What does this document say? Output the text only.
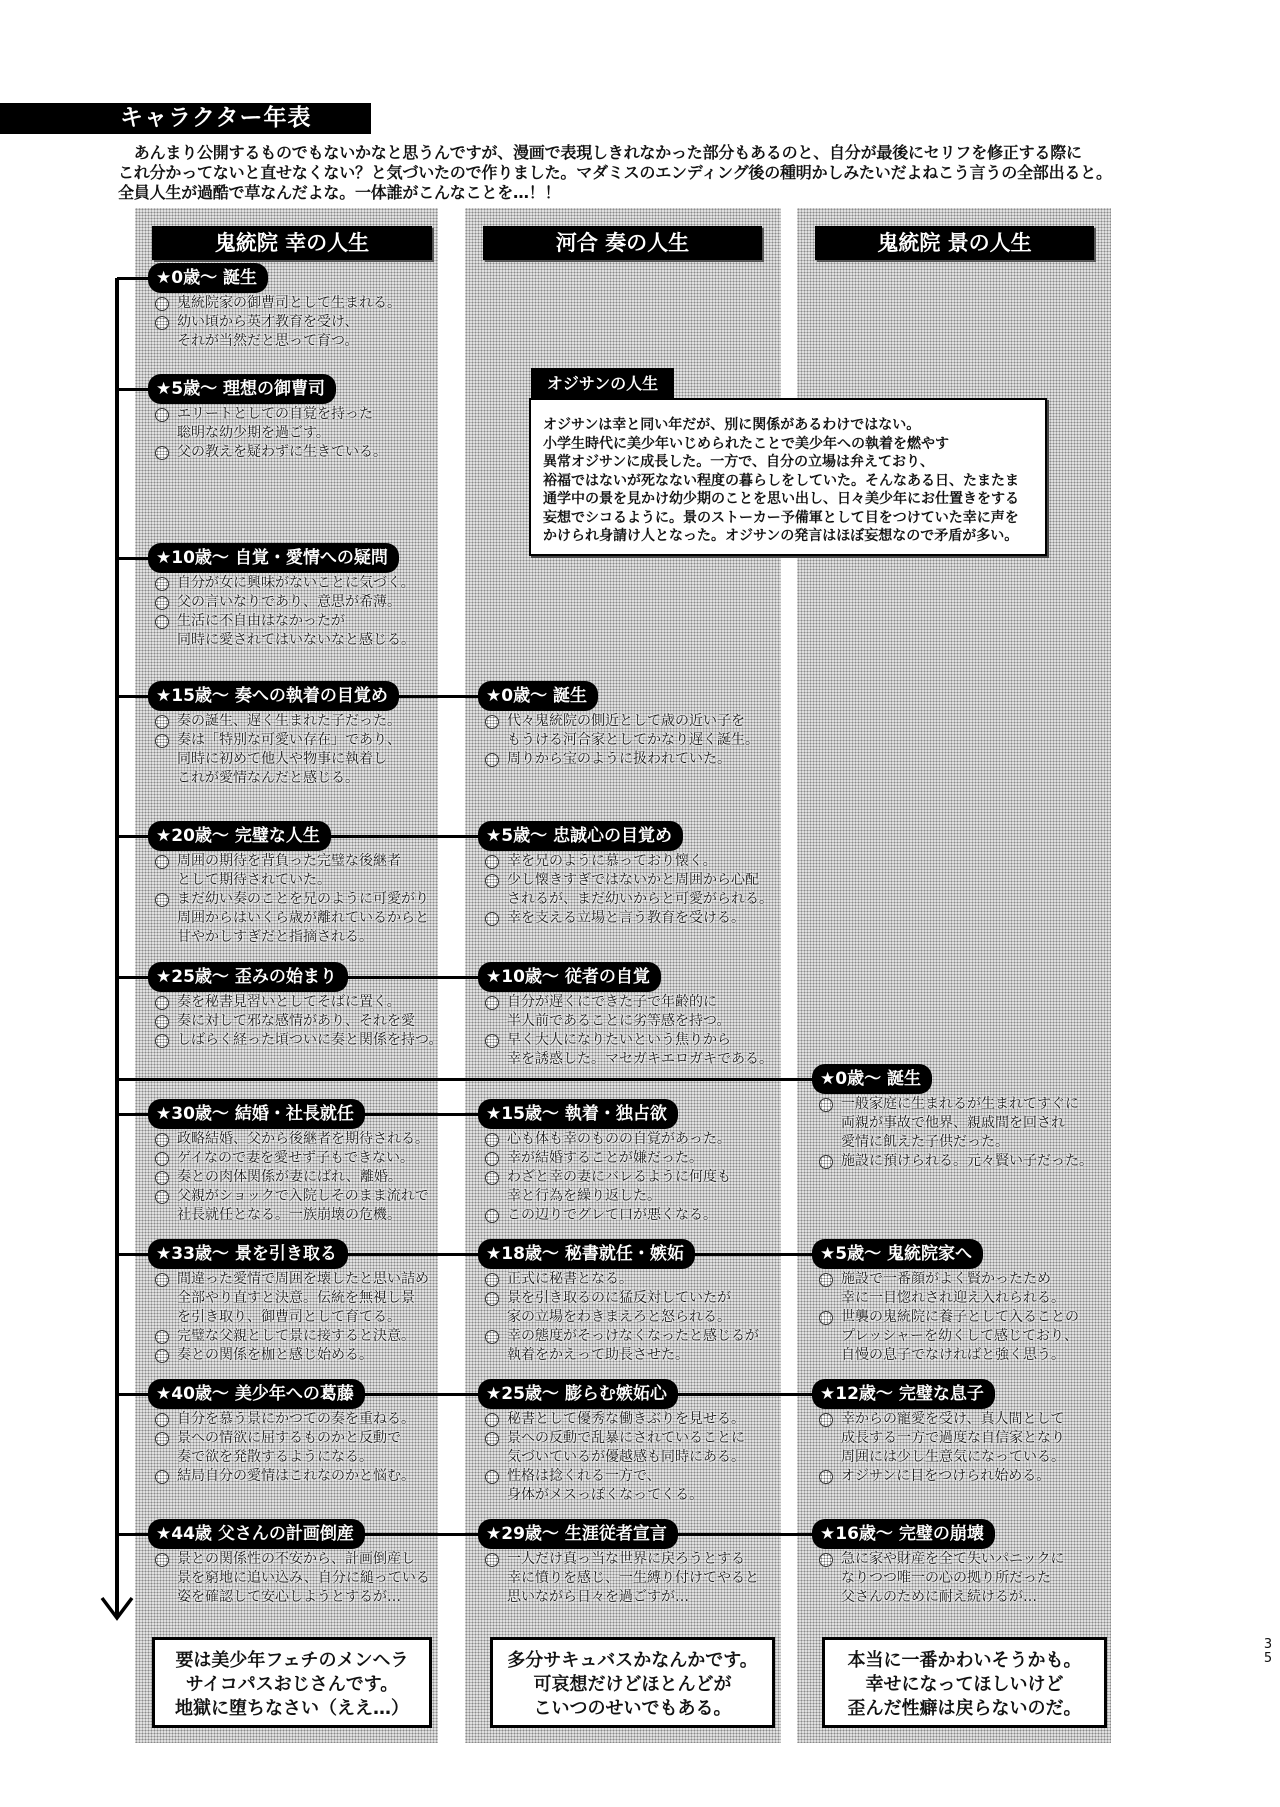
キャラクター年表
　あんまり公開するものでもないかなと思うんですが、漫画で表現しきれなかった部分もあるのと、自分が最後にセリフを修正する際に
これ分かってないと直せなくない？と気づいたので作りました。マダミスのエンディング後の種明かしみたいだよねこう言うの全部出ると。
全員人生が過酷で草なんだよな。一体誰がこんなことを…！！
鬼統院 幸の人生	河合 奏の人生	鬼統院 景の人生
★0歳〜 誕生
鬼統院家の御曹司として生まれる。
幼い頃から英才教育を受け、
それが当然だと思って育つ。
★5歳〜 理想の御曹司
エリートとしての自覚を持った
聡明な幼少期を過ごす。
父の教えを疑わずに生きている。
★10歳〜 自覚・愛情への疑問
自分が女に興味がないことに気づく。
父の言いなりであり、意思が希薄。
生活に不自由はなかったが
同時に愛されてはいないなと感じる。
★15歳〜 奏への執着の目覚め
奏の誕生、遅く生まれた子だった。
奏は「特別な可愛い存在」であり、
同時に初めて他人や物事に執着し
これが愛情なんだと感じる。
★20歳〜 完璧な人生
周囲の期待を背負った完璧な後継者
として期待されていた。
まだ幼い奏のことを兄のように可愛がり
周囲からはいくら歳が離れているからと
甘やかしすぎだと指摘される。
★25歳〜 歪みの始まり
奏を秘書見習いとしてそばに置く。
奏に対して邪な感情があり、それを愛
しばらく経った頃ついに奏と関係を持つ。
★30歳〜 結婚・社長就任
政略結婚、父から後継者を期待される。
ゲイなので妻を愛せず子もできない。
奏との肉体関係が妻にばれ、離婚。
父親がショックで入院しそのまま流れで
社長就任となる。一族崩壊の危機。
★33歳〜 景を引き取る
間違った愛情で周囲を壊したと思い詰め
全部やり直すと決意。伝統を無視し景
を引き取り、御曹司として育てる。
完璧な父親として景に接すると決意。
奏との関係を枷と感じ始める。
★40歳〜 美少年への葛藤
自分を慕う景にかつての奏を重ねる。
景への情欲に屈するものかと反動で
奏で欲を発散するようになる。
結局自分の愛情はこれなのかと悩む。
★44歳 父さんの計画倒産
景との関係性の不安から、計画倒産し
景を窮地に追い込み、自分に縋っている
姿を確認して安心しようとするが…
★0歳〜 誕生
代々鬼統院の側近として歳の近い子を
もうける河合家としてかなり遅く誕生。
周りから宝のように扱われていた。
★5歳〜 忠誠心の目覚め
幸を兄のように慕っており懐く。
少し懐きすぎではないかと周囲から心配
されるが、まだ幼いからと可愛がられる。
幸を支える立場と言う教育を受ける。
★10歳〜 従者の自覚
自分が遅くにできた子で年齢的に
半人前であることに劣等感を持つ。
早く大人になりたいという焦りから
幸を誘惑した。マセガキエロガキである。
★15歳〜 執着・独占欲
心も体も幸のものの自覚があった。
幸が結婚することが嫌だった。
わざと幸の妻にバレるように何度も
幸と行為を繰り返した。
この辺りでグレて口が悪くなる。
★18歳〜 秘書就任・嫉妬
正式に秘書となる。
景を引き取るのに猛反対していたが
家の立場をわきまえろと怒られる。
幸の態度がそっけなくなったと感じるが
執着をかえって助長させた。
★25歳〜 膨らむ嫉妬心
秘書として優秀な働きぶりを見せる。
景への反動で乱暴にされていることに
気づいているが優越感も同時にある。
性格は捻くれる一方で、
身体がメスっぽくなってくる。
★29歳〜 生涯従者宣言
一人だけ真っ当な世界に戻ろうとする
幸に憤りを感じ、一生縛り付けてやると
思いながら日々を過ごすが…
★0歳〜 誕生
一般家庭に生まれるが生まれてすぐに
両親が事故で他界、親戚間を回され
愛情に飢えた子供だった。
施設に預けられる。元々賢い子だった。
★5歳〜 鬼統院家へ
施設で一番顔がよく賢かったため
幸に一目惚れされ迎え入れられる。
世襲の鬼統院に養子として入ることの
プレッシャーを幼くして感じており、
自慢の息子でなければと強く思う。
★12歳〜 完璧な息子
幸からの寵愛を受け、真人間として
成長する一方で過度な自信家となり
周囲には少し生意気になっている。
オジサンに目をつけられ始める。
★16歳〜 完璧の崩壊
急に家や財産を全て失いパニックに
なりつつ唯一の心の拠り所だった
父さんのために耐え続けるが…
オジサンの人生
オジサンは幸と同い年だが、別に関係があるわけではない。
小学生時代に美少年いじめられたことで美少年への執着を燃やす
異常オジサンに成長した。一方で、自分の立場は弁えており、
裕福ではないが死なない程度の暮らしをしていた。そんなある日、たまたま
通学中の景を見かけ幼少期のことを思い出し、日々美少年にお仕置きをする
妄想でシコるように。景のストーカー予備軍として目をつけていた幸に声を
かけられ身請け人となった。オジサンの発言はほぼ妄想なので矛盾が多い。
要は美少年フェチのメンヘラ
サイコパスおじさんです。
地獄に堕ちなさい（ええ…）
多分サキュバスかなんかです。
可哀想だけどほとんどが
こいつのせいでもある。
本当に一番かわいそうかも。
幸せになってほしいけど
歪んだ性癖は戻らないのだ。
3
5
